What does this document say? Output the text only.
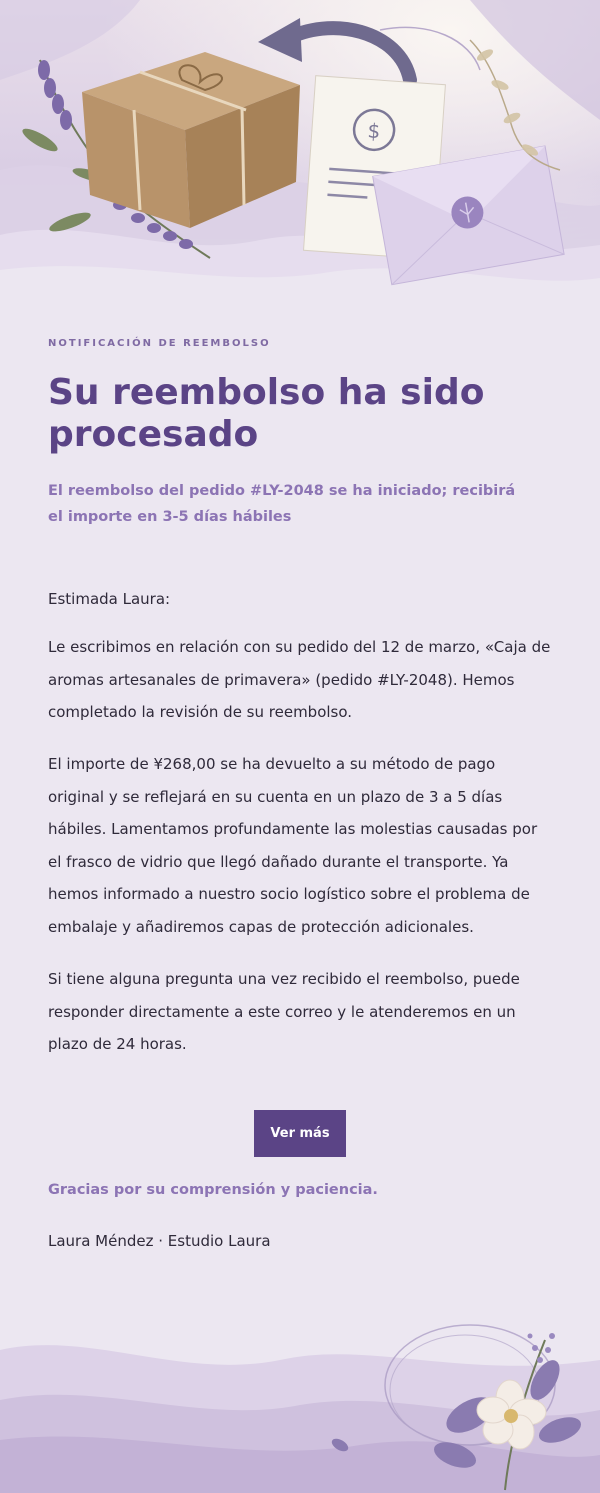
$
NOTIFICACIÓN DE REEMBOLSO
Su reembolso ha sido procesado

El reembolso del pedido #LY-2048 se ha iniciado; recibirá el importe en 3-5 días hábiles

Estimada Laura:

Le escribimos en relación con su pedido del 12 de marzo, «Caja de aromas artesanales de primavera» (pedido #LY-2048). Hemos completado la revisión de su reembolso.

El importe de ¥268,00 se ha devuelto a su método de pago original y se reflejará en su cuenta en un plazo de 3 a 5 días hábiles. Lamentamos profundamente las molestias causadas por el frasco de vidrio que llegó dañado durante el transporte. Ya hemos informado a nuestro socio logístico sobre el problema de embalaje y añadiremos capas de protección adicionales.

Si tiene alguna pregunta una vez recibido el reembolso, puede responder directamente a este correo y le atenderemos en un plazo de 24 horas.

Ver más

Gracias por su comprensión y paciencia.

Laura Méndez · Estudio Laura
